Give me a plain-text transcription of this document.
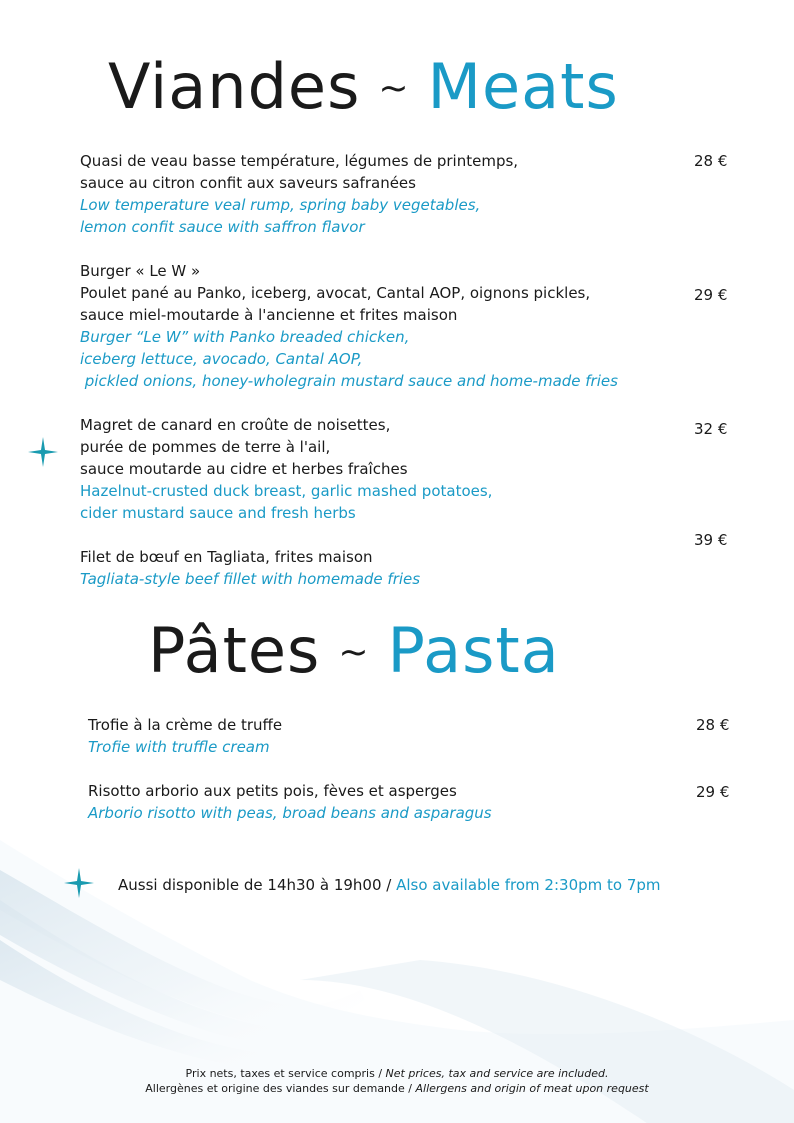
Viandes ~ Meats
Quasi de veau basse température, légumes de printemps,
sauce au citron confit aux saveurs safranées
Low temperature veal rump, spring baby vegetables,
lemon confit sauce with saffron flavor
28 €
Burger « Le W »
Poulet pané au Panko, iceberg, avocat, Cantal AOP, oignons pickles,
sauce miel-moutarde à l'ancienne et frites maison
Burger “Le W” with Panko breaded chicken,
iceberg lettuce, avocado, Cantal AOP,
pickled onions, honey-wholegrain mustard sauce and home-made fries
29 €
Magret de canard en croûte de noisettes,
purée de pommes de terre à l'ail,
sauce moutarde au cidre et herbes fraîches
Hazelnut-crusted duck breast, garlic mashed potatoes,
cider mustard sauce and fresh herbs
32 €
39 €
Filet de bœuf en Tagliata, frites maison
Tagliata-style beef fillet with homemade fries
Pâtes ~ Pasta
Trofie à la crème de truffe
Trofie with truffle cream
28 €
Risotto arborio aux petits pois, fèves et asperges
Arborio risotto with peas, broad beans and asparagus
29 €
Aussi disponible de 14h30 à 19h00 / Also available from 2:30pm to 7pm
Prix nets, taxes et service compris / Net prices, tax and service are included.
Allergènes et origine des viandes sur demande / Allergens and origin of meat upon request
